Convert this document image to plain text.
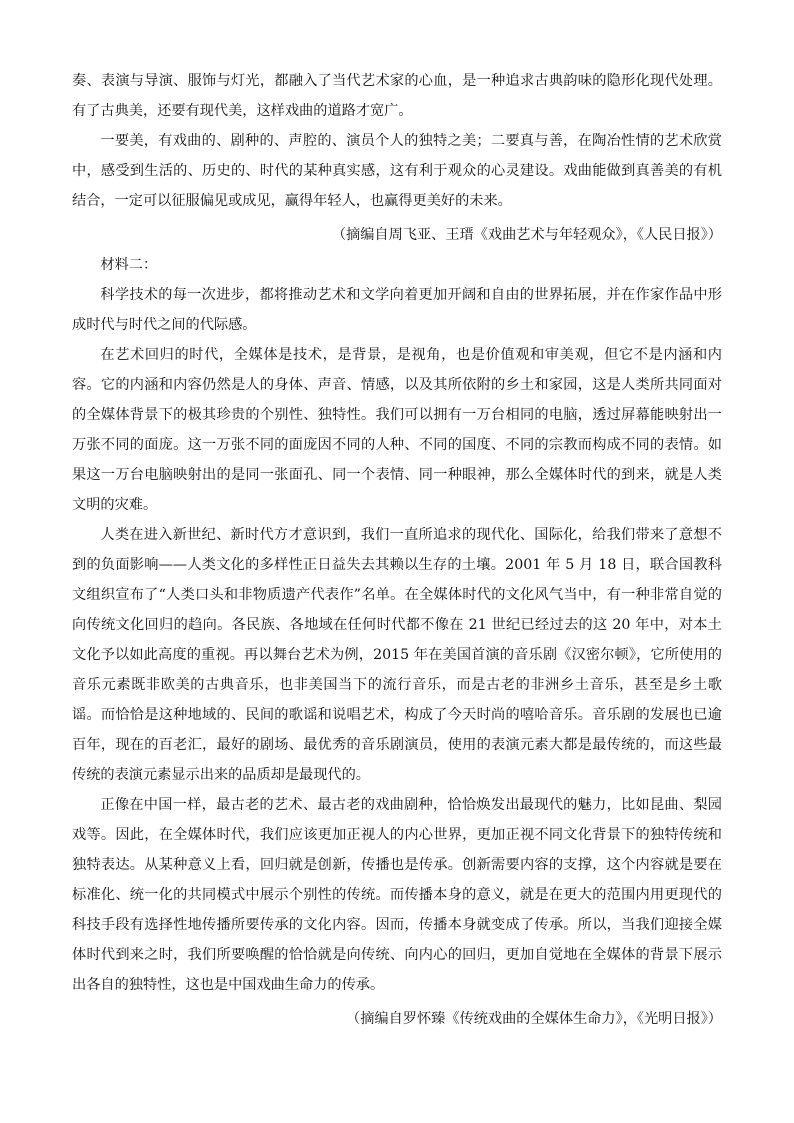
奏、表演与导演、服饰与灯光，都融入了当代艺术家的心血，是一种追求古典韵味的隐形化现代处理。有了古典美，还要有现代美，这样戏曲的道路才宽广。

一要美，有戏曲的、剧种的、声腔的、演员个人的独特之美；二要真与善，在陶冶性情的艺术欣赏中，感受到生活的、历史的、时代的某种真实感，这有利于观众的心灵建设。戏曲能做到真善美的有机结合，一定可以征服偏见或成见，赢得年轻人，也赢得更美好的未来。

（摘编自周飞亚、王瑨《戏曲艺术与年轻观众》，《人民日报》）

材料二：

科学技术的每一次进步，都将推动艺术和文学向着更加开阔和自由的世界拓展，并在作家作品中形成时代与时代之间的代际感。

在艺术回归的时代，全媒体是技术，是背景，是视角，也是价值观和审美观，但它不是内涵和内容。它的内涵和内容仍然是人的身体、声音、情感，以及其所依附的乡土和家园，这是人类所共同面对的全媒体背景下的极其珍贵的个别性、独特性。我们可以拥有一万台相同的电脑，透过屏幕能映射出一万张不同的面庞。这一万张不同的面庞因不同的人种、不同的国度、不同的宗教而构成不同的表情。如果这一万台电脑映射出的是同一张面孔、同一个表情、同一种眼神，那么全媒体时代的到来，就是人类文明的灾难。

人类在进入新世纪、新时代方才意识到，我们一直所追求的现代化、国际化，给我们带来了意想不到的负面影响——人类文化的多样性正日益失去其赖以生存的土壤。2001 年 5 月 18 日，联合国教科文组织宣布了“人类口头和非物质遗产代表作”名单。在全媒体时代的文化风气当中，有一种非常自觉的向传统文化回归的趋向。各民族、各地域在任何时代都不像在 21 世纪已经过去的这 20 年中，对本土文化予以如此高度的重视。再以舞台艺术为例，2015 年在美国首演的音乐剧《汉密尔顿》，它所使用的音乐元素既非欧美的古典音乐，也非美国当下的流行音乐，而是古老的非洲乡土音乐，甚至是乡土歌谣。而恰恰是这种地域的、民间的歌谣和说唱艺术，构成了今天时尚的嘻哈音乐。音乐剧的发展也已逾百年，现在的百老汇，最好的剧场、最优秀的音乐剧演员，使用的表演元素大都是最传统的，而这些最传统的表演元素显示出来的品质却是最现代的。

正像在中国一样，最古老的艺术、最古老的戏曲剧种，恰恰焕发出最现代的魅力，比如昆曲、梨园戏等。因此，在全媒体时代，我们应该更加正视人的内心世界，更加正视不同文化背景下的独特传统和独特表达。从某种意义上看，回归就是创新，传播也是传承。创新需要内容的支撑，这个内容就是要在标准化、统一化的共同模式中展示个别性的传统。而传播本身的意义，就是在更大的范围内用更现代的科技手段有选择性地传播所要传承的文化内容。因而，传播本身就变成了传承。所以，当我们迎接全媒体时代到来之时，我们所要唤醒的恰恰就是向传统、向内心的回归，更加自觉地在全媒体的背景下展示出各自的独特性，这也是中国戏曲生命力的传承。

（摘编自罗怀臻《传统戏曲的全媒体生命力》，《光明日报》）
